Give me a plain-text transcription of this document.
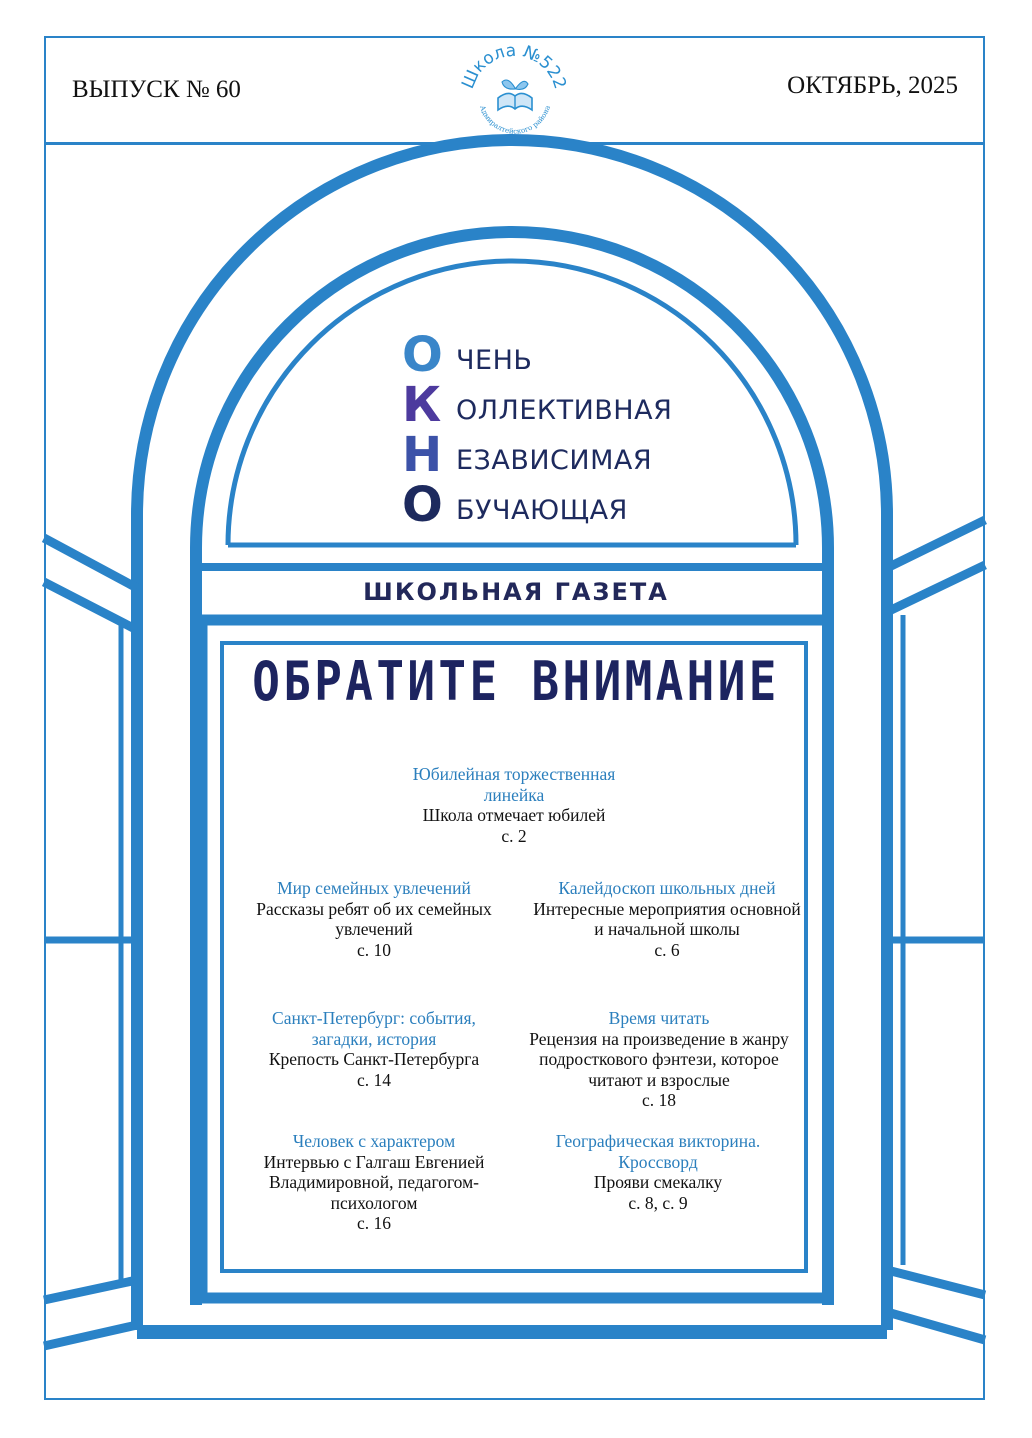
ВЫПУСК № 60	ОКТЯБРЬ, 2025
Школа №522
Адмиралтейского района
О ЧЕНЬ
К ОЛЛЕКТИВНАЯ
Н ЕЗАВИСИМАЯ
О БУЧАЮЩАЯ
ШКОЛЬНАЯ ГАЗЕТА
ОБРАТИТЕ ВНИМАНИЕ
Юбилейная торжественная линейка
Школа отмечает юбилей
с. 2
Мир семейных увлечений
Рассказы ребят об их семейных увлечений
с. 10
Калейдоскоп школьных дней
Интересные мероприятия основной и начальной школы
с. 6
Санкт-Петербург: события, загадки, история
Крепость Санкт-Петербурга
с. 14
Время читать
Рецензия на произведение в жанру подросткового фэнтези, которое читают и взрослые
с. 18
Человек с характером
Интервью с Галгаш Евгенией Владимировной, педагогом-психологом
с. 16
Географическая викторина. Кроссворд
Прояви смекалку
с. 8, с. 9
